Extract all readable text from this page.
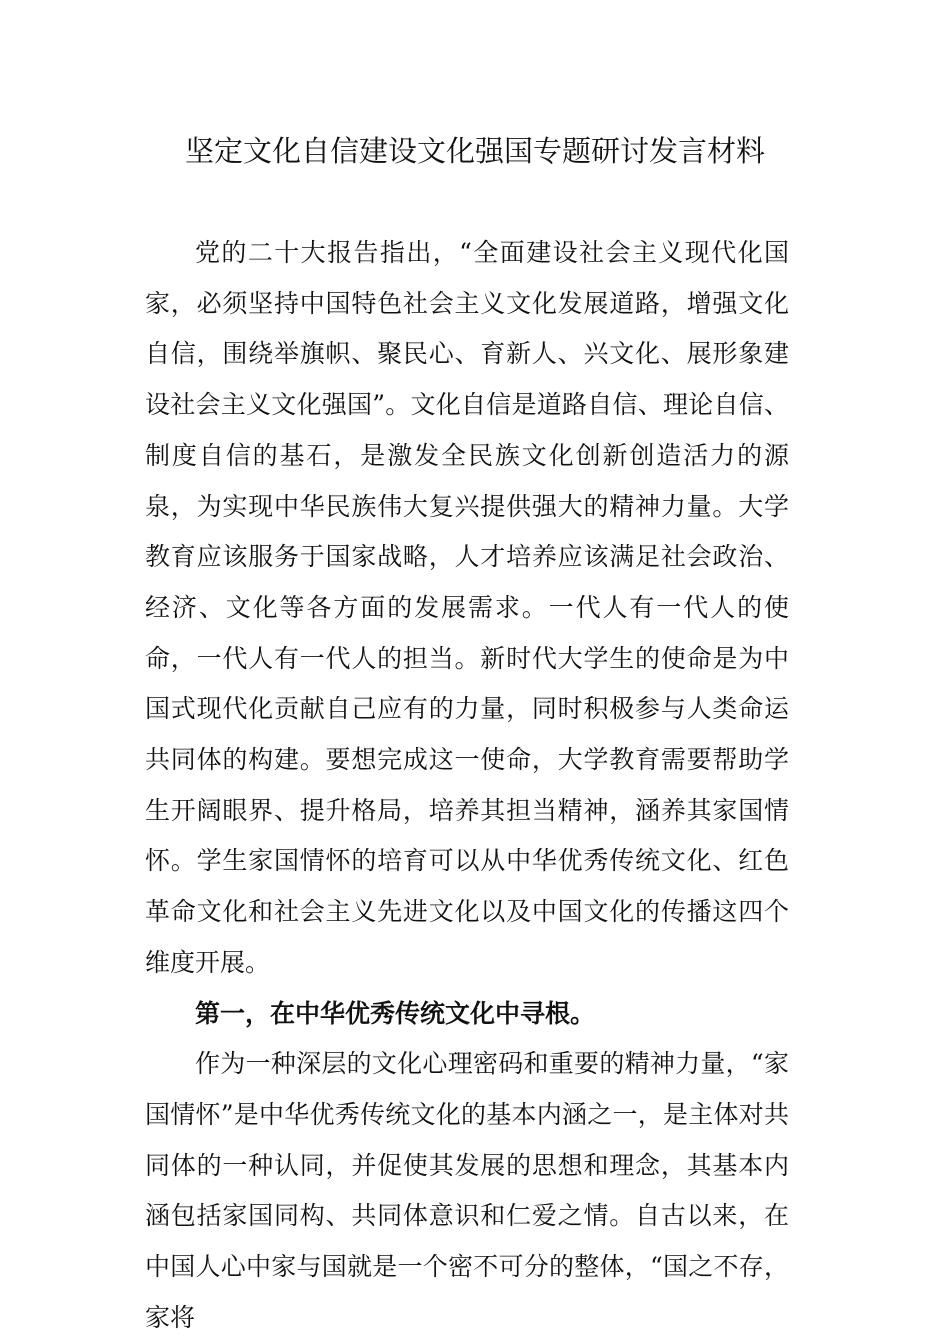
坚定文化自信建设文化强国专题研讨发言材料

党的二十大报告指出，“全面建设社会主义现代化国家，必须坚持中国特色社会主义文化发展道路，增强文化自信，围绕举旗帜、聚民心、育新人、兴文化、展形象建设社会主义文化强国”。文化自信是道路自信、理论自信、制度自信的基石，是激发全民族文化创新创造活力的源泉，为实现中华民族伟大复兴提供强大的精神力量。大学教育应该服务于国家战略，人才培养应该满足社会政治、经济、文化等各方面的发展需求。一代人有一代人的使命，一代人有一代人的担当。新时代大学生的使命是为中国式现代化贡献自己应有的力量，同时积极参与人类命运共同体的构建。要想完成这一使命，大学教育需要帮助学生开阔眼界、提升格局，培养其担当精神，涵养其家国情怀。学生家国情怀的培育可以从中华优秀传统文化、红色革命文化和社会主义先进文化以及中国文化的传播这四个维度开展。

第一，在中华优秀传统文化中寻根。

作为一种深层的文化心理密码和重要的精神力量，“家国情怀”是中华优秀传统文化的基本内涵之一，是主体对共同体的一种认同，并促使其发展的思想和理念，其基本内涵包括家国同构、共同体意识和仁爱之情。自古以来，在中国人心中家与国就是一个密不可分的整体，“国之不存，家将
